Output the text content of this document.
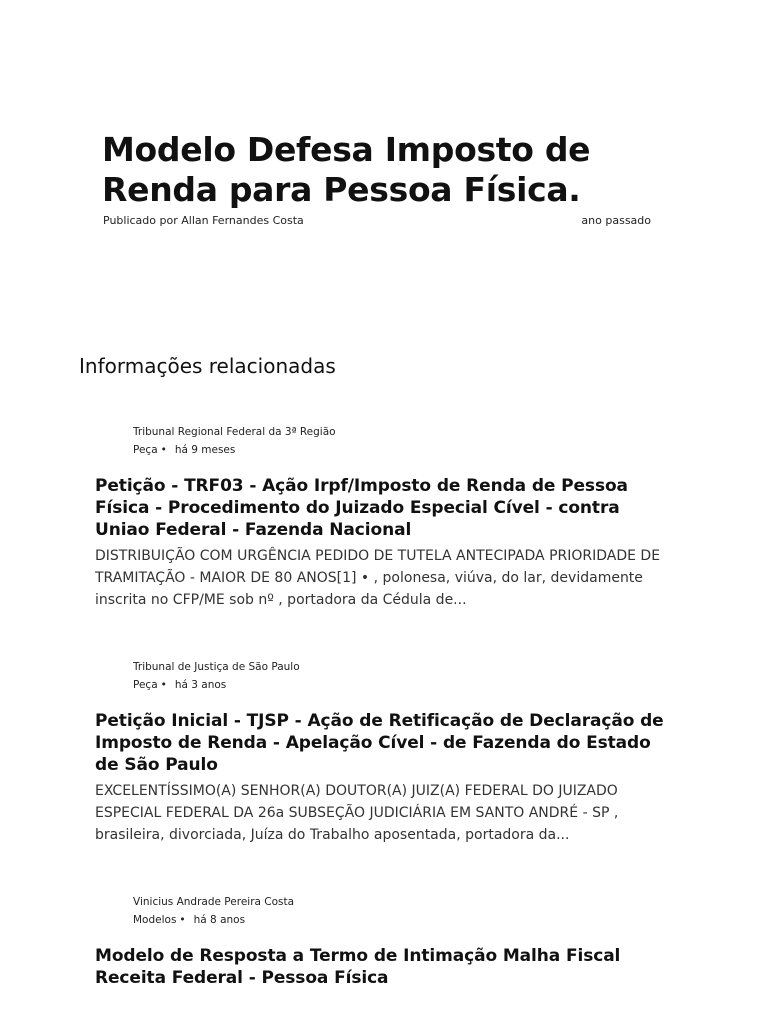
Modelo Defesa Imposto de Renda para Pessoa Física.
Publicado por Allan Fernandes Costa	ano passado
Informações relacionadas
Tribunal Regional Federal da 3ª Região
Peça • há 9 meses
Petição - TRF03 - Ação Irpf/Imposto de Renda de Pessoa Física - Procedimento do Juizado Especial Cível - contra Uniao Federal - Fazenda Nacional

DISTRIBUIÇÃO COM URGÊNCIA PEDIDO DE TUTELA ANTECIPADA PRIORIDADE DE TRAMITAÇÃO - MAIOR DE 80 ANOS[1] • , polonesa, viúva, do lar, devidamente inscrita no CFP/ME sob nº , portadora da Cédula de...

Tribunal de Justiça de São Paulo
Peça • há 3 anos
Petição Inicial - TJSP - Ação de Retificação de Declaração de Imposto de Renda - Apelação Cível - de Fazenda do Estado de São Paulo

EXCELENTÍSSIMO(A) SENHOR(A) DOUTOR(A) JUIZ(A) FEDERAL DO JUIZADO ESPECIAL FEDERAL DA 26a SUBSEÇÃO JUDICIÁRIA EM SANTO ANDRÉ - SP , brasileira, divorciada, Juíza do Trabalho aposentada, portadora da...

Vinicius Andrade Pereira Costa
Modelos • há 8 anos
Modelo de Resposta a Termo de Intimação Malha Fiscal Receita Federal - Pessoa Física
